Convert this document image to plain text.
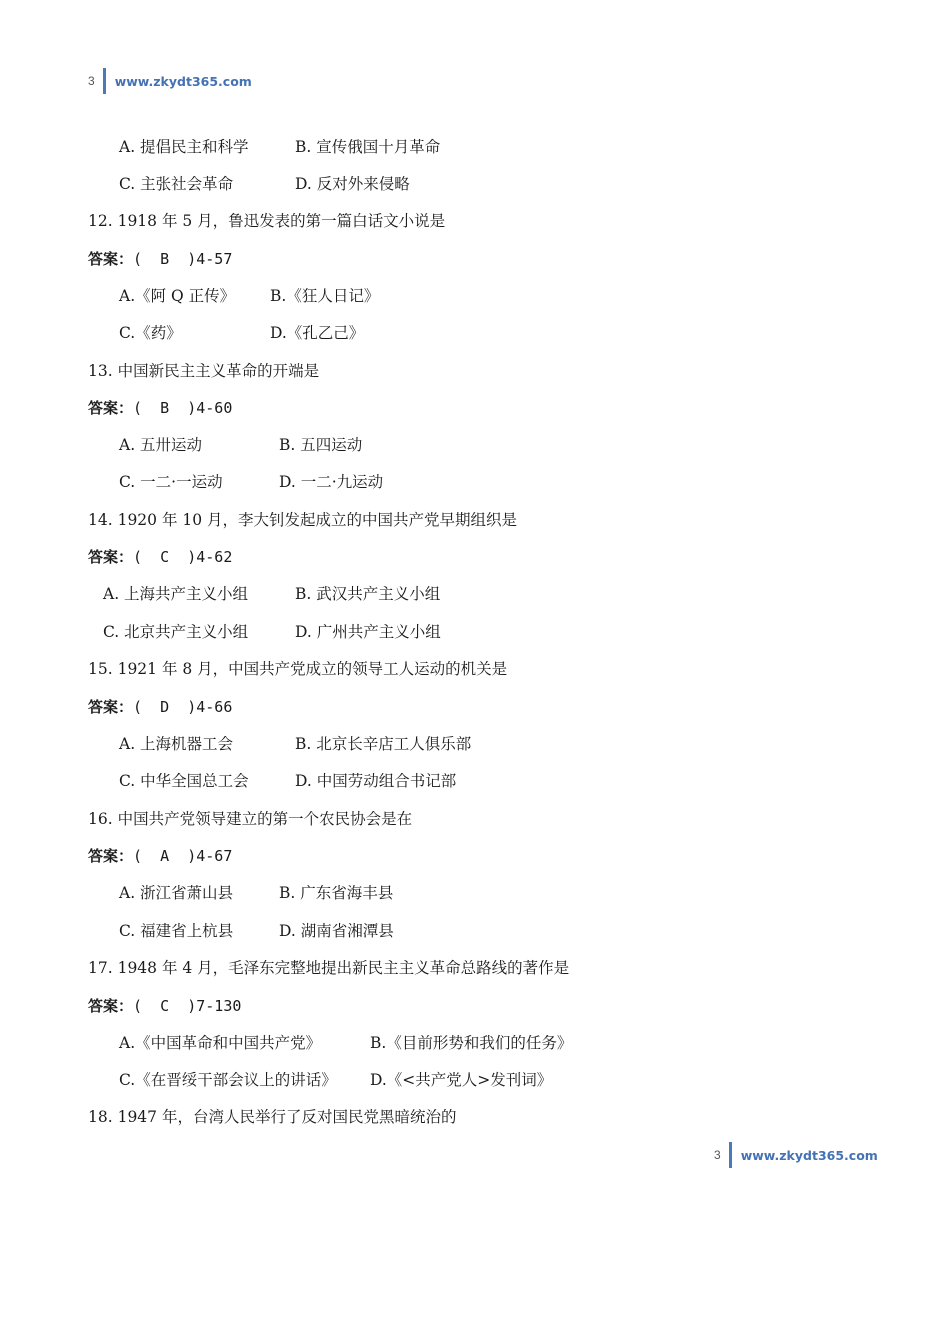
3 www.zkydt365.com
A. 提倡民主和科学	B. 宣传俄国十月革命
C. 主张社会革命	D. 反对外来侵略
12. 1918 年 5 月，鲁迅发表的第一篇白话文小说是
答案：(  B  )4-57
A.《阿 Q 正传》 B.《狂人日记》
C.《药》	D.《孔乙己》
13. 中国新民主主义革命的开端是
答案：(  B  )4-60
A. 五卅运动	B. 五四运动
C. 一二·一运动	D. 一二·九运动
14. 1920 年 10 月，李大钊发起成立的中国共产党早期组织是
答案：(  C  )4-62
A. 上海共产主义小组	B. 武汉共产主义小组
C. 北京共产主义小组	D. 广州共产主义小组
15. 1921 年 8 月，中国共产党成立的领导工人运动的机关是
答案：(  D  )4-66
A. 上海机器工会	B. 北京长辛店工人俱乐部
C. 中华全国总工会	D. 中国劳动组合书记部
16. 中国共产党领导建立的第一个农民协会是在
答案：(  A  )4-67
A. 浙江省萧山县	B. 广东省海丰县
C. 福建省上杭县	D. 湖南省湘潭县
17. 1948 年 4 月，毛泽东完整地提出新民主主义革命总路线的著作是
答案：(  C  )7-130
A.《中国革命和中国共产党》	B.《目前形势和我们的任务》
C.《在晋绥干部会议上的讲话》 D.《<共产党人>发刊词》
18. 1947 年，台湾人民举行了反对国民党黑暗统治的
3 www.zkydt365.com
